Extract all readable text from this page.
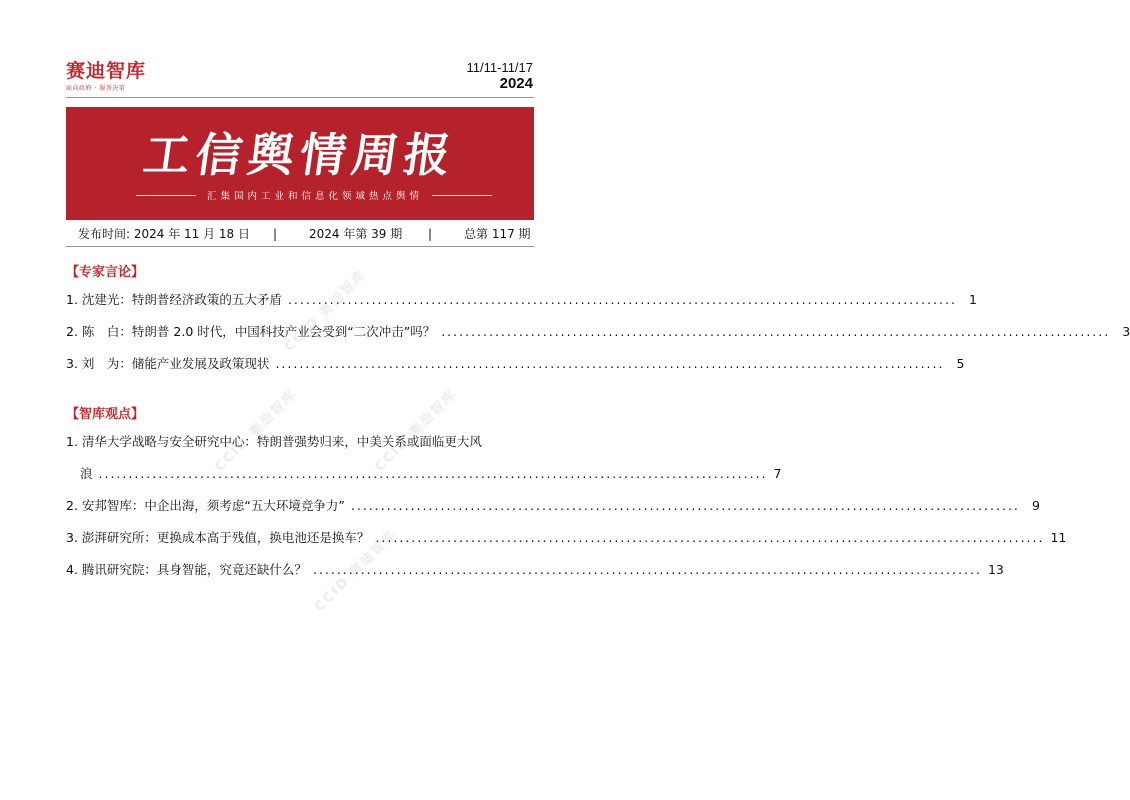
赛迪智库
面向政府 · 服务决策
11/11-11/17
2024
工信舆情周报
汇集国内工业和信息化领域热点舆情
发布时间: 2024 年 11 月 18 日 |	2024 年第 39 期 |	总第 117 期
【专家言论】
1.
沈建光：特朗普经济政策的五大矛盾 ................................................................................................................ 1
2.
陈　白：特朗普 2.0 时代，中国科技产业会受到“二次冲击”吗？ ................................................................................................................ 3
3.
刘　为：储能产业发展及政策现状 ................................................................................................................ 5
【智库观点】
1.
清华大学战略与安全研究中心：特朗普强势归来，中美关系或面临更大风
浪 ................................................................................................................ 7
2.
安邦智库：中企出海，须考虑“五大环境竞争力” ................................................................................................................ 9
3.
澎湃研究所：更换成本高于残值，换电池还是换车？ ................................................................................................................ 11
4.
腾讯研究院：具身智能，究竟还缺什么？ ................................................................................................................ 13
CCID 赛迪智库
CCID 赛迪智库	CCID 赛迪智库
CCID 赛迪智库
